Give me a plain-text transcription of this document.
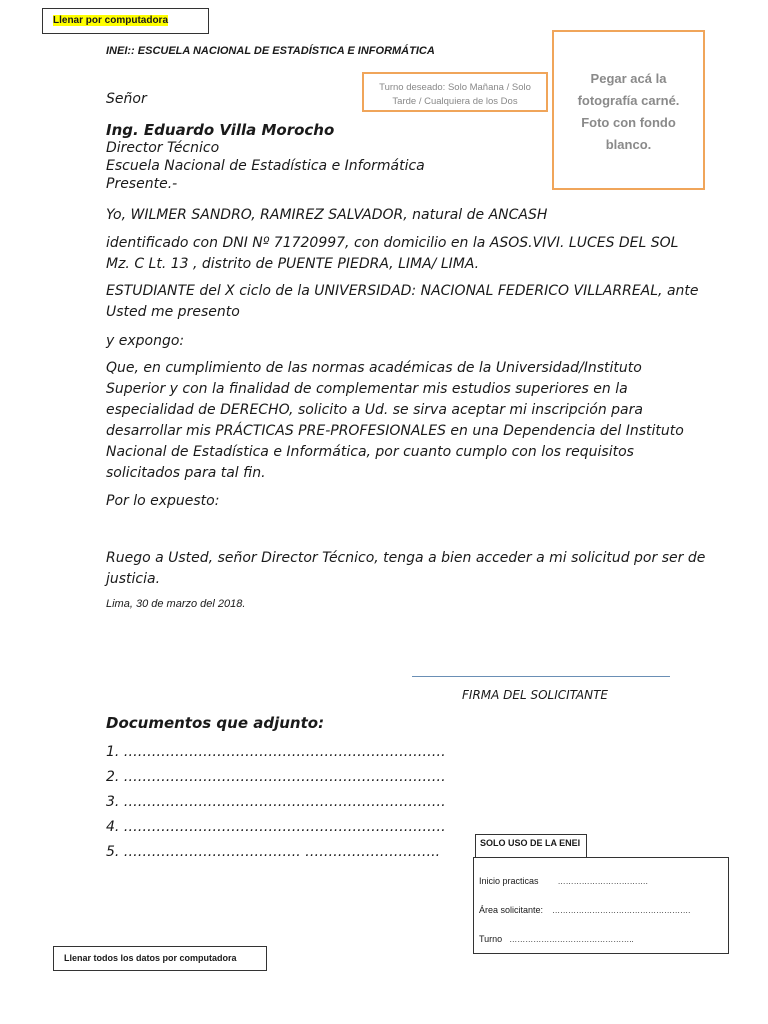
Llenar por computadora
INEI:: ESCUELA NACIONAL DE ESTADÍSTICA E INFORMÁTICA
Turno deseado: Solo Mañana / Solo Tarde / Cualquiera de los Dos
Pegar acá la fotografía carné. Foto con fondo blanco.
Señor
Ing. Eduardo Villa Morocho
Director Técnico
Escuela Nacional de Estadística e Informática
Presente.-
Yo, WILMER SANDRO, RAMIREZ SALVADOR, natural de ANCASH
identificado con DNI Nº 71720997, con domicilio en la ASOS.VIVI. LUCES DEL SOL Mz. C Lt. 13 , distrito de PUENTE PIEDRA, LIMA/ LIMA.
ESTUDIANTE del X ciclo de la UNIVERSIDAD: NACIONAL FEDERICO VILLARREAL, ante Usted me presento
y expongo:
Que, en cumplimiento de las normas académicas de la Universidad/Instituto Superior y con la finalidad de complementar mis estudios superiores en la especialidad de DERECHO, solicito a Ud. se sirva aceptar mi inscripción para desarrollar mis PRÁCTICAS PRE-PROFESIONALES en una Dependencia del Instituto Nacional de Estadística e Informática, por cuanto cumplo con los requisitos solicitados para tal fin.
Por lo expuesto:
Ruego a Usted, señor Director Técnico, tenga a bien acceder a mi solicitud por ser de justicia.
Lima, 30 de marzo del 2018.
FIRMA DEL SOLICITANTE
Documentos que adjunto:
1. ……………………………………………………………
2. ……………………………………………………………
3. ……………………………………………………………
4. ……………………………………………………………
5. ……………………………….. ………………………..
SOLO USO DE LA ENEI
Inicio practicas …………………………….
Área solicitante: …………………………………………….
Turno ………………………………………..
Llenar todos los datos por computadora
